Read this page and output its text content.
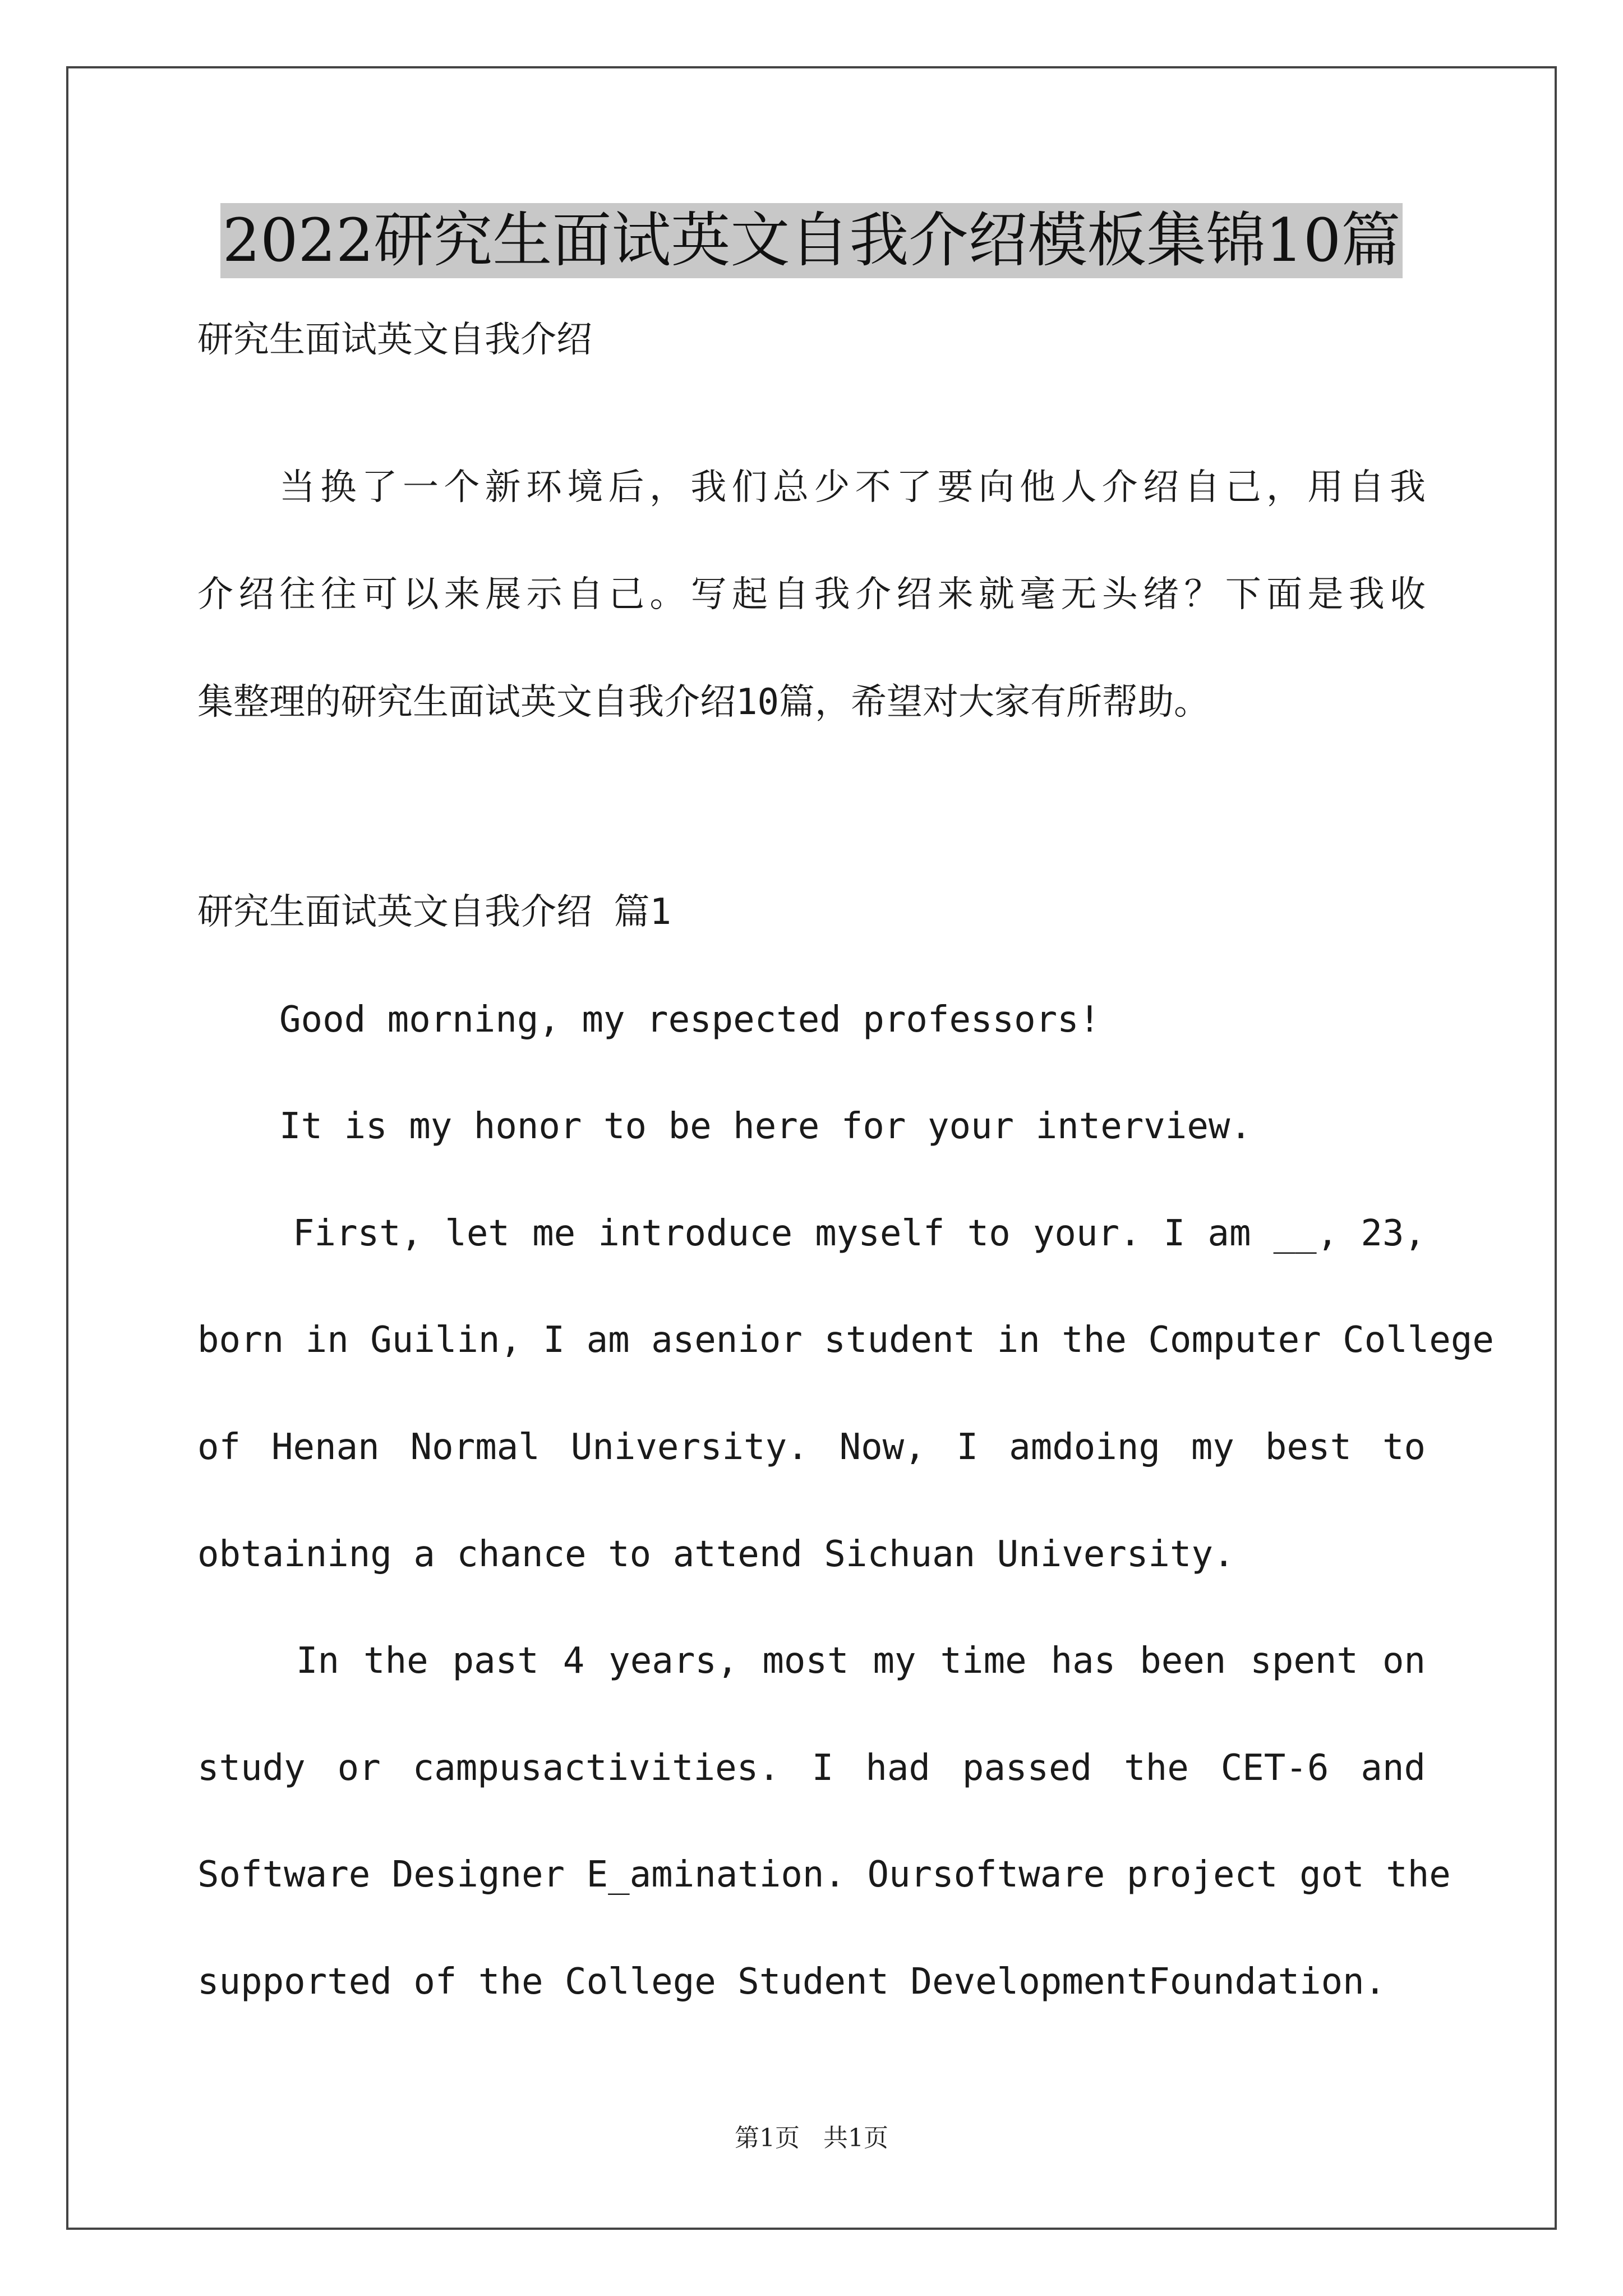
2022研究生面试英文自我介绍模板集锦10篇
研究生面试英文自我介绍
当换了一个新环境后，我们总少不了要向他人介绍自己，用自我
介绍往往可以来展示自己。写起自我介绍来就毫无头绪？下面是我收
集整理的研究生面试英文自我介绍10篇，希望对大家有所帮助。
研究生面试英文自我介绍 篇1
Good morning, my respected professors!
It is my honor to be here for your interview.
First, let me introduce myself to your. I am __, 23,
born in Guilin, I am asenior student in the Computer College
of Henan Normal University. Now, I amdoing my best to
obtaining a chance to attend Sichuan University.
In the past 4 years, most my time has been spent on
study or campusactivities. I had passed the CET-6 and
Software Designer E_amination. Oursoftware project got the
supported of the College Student DevelopmentFoundation.
第1页   共1页
